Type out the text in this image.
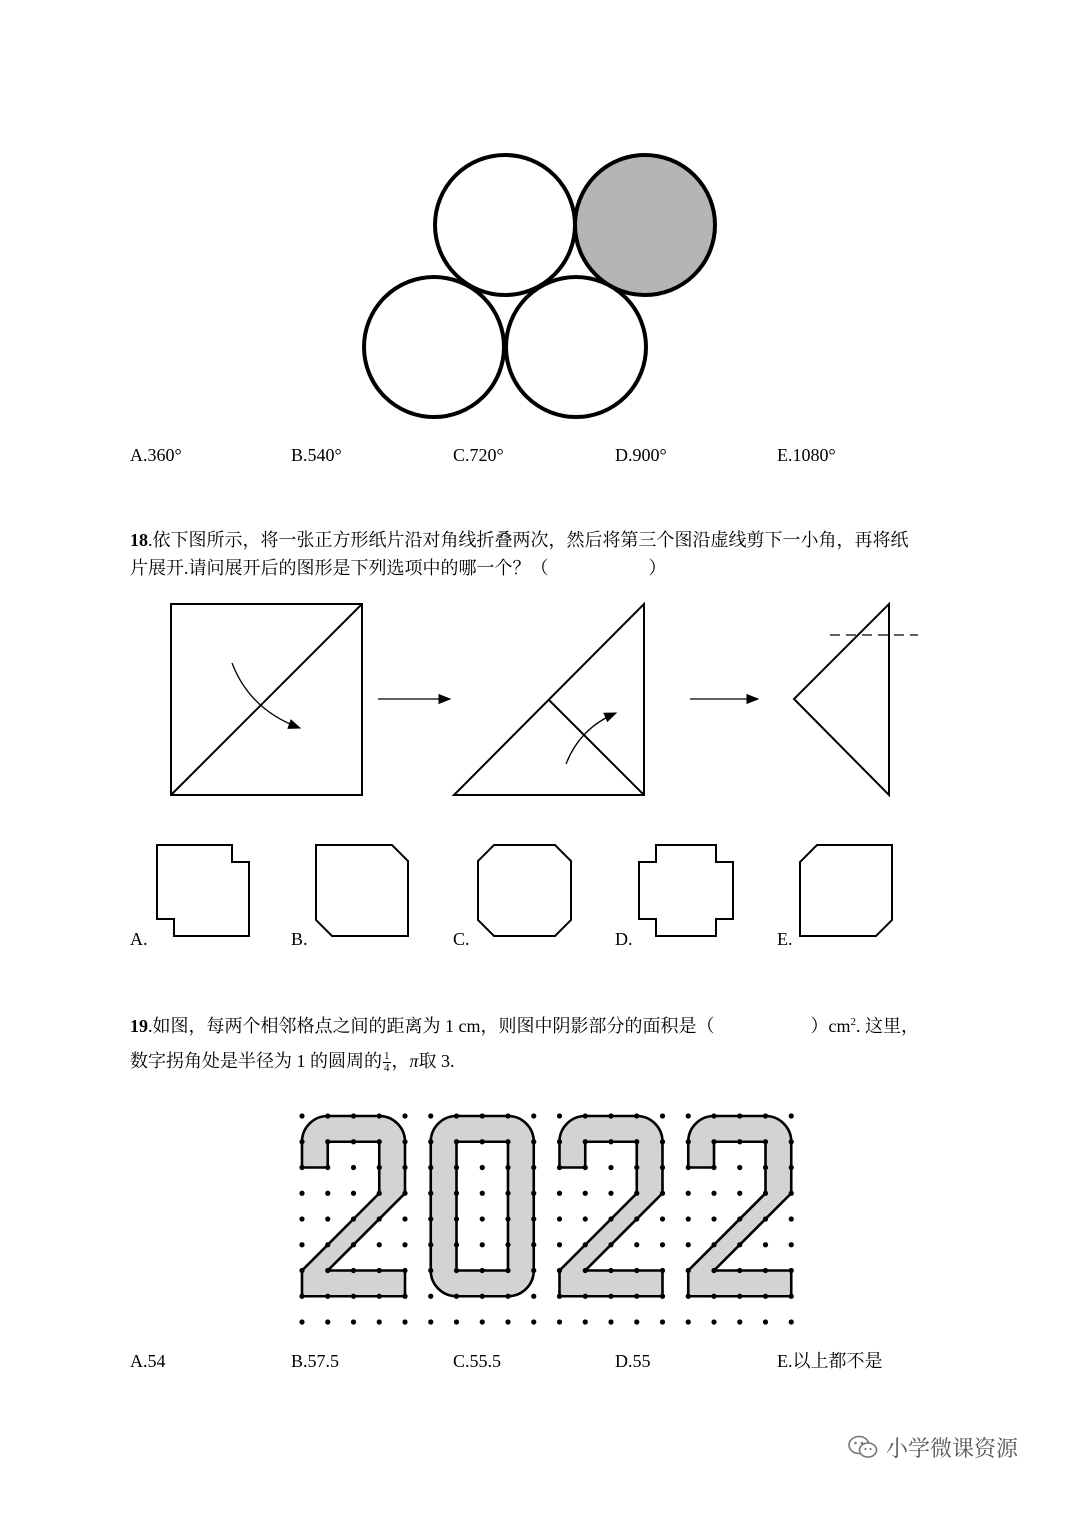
A.360°	B.540°	C.720°	D.900°	E.1080°
18.依下图所示，将一张正方形纸片沿对角线折叠两次，然后将第三个图沿虚线剪下一小角，再将纸
片展开.请问展开后的图形是下列选项中的哪一个？（	）
A.	B.	C.	D.	E.
19.如图，每两个相邻格点之间的距离为 1 cm，则图中阴影部分的面积是（	）$cm^2$. 这里，
数字拐角处是半径为 1 的圆周的 $\frac{1}{4}$ ，π取 3.
A.54	B.57.5	C.55.5	D.55	E.以上都不是
小学微课资源
